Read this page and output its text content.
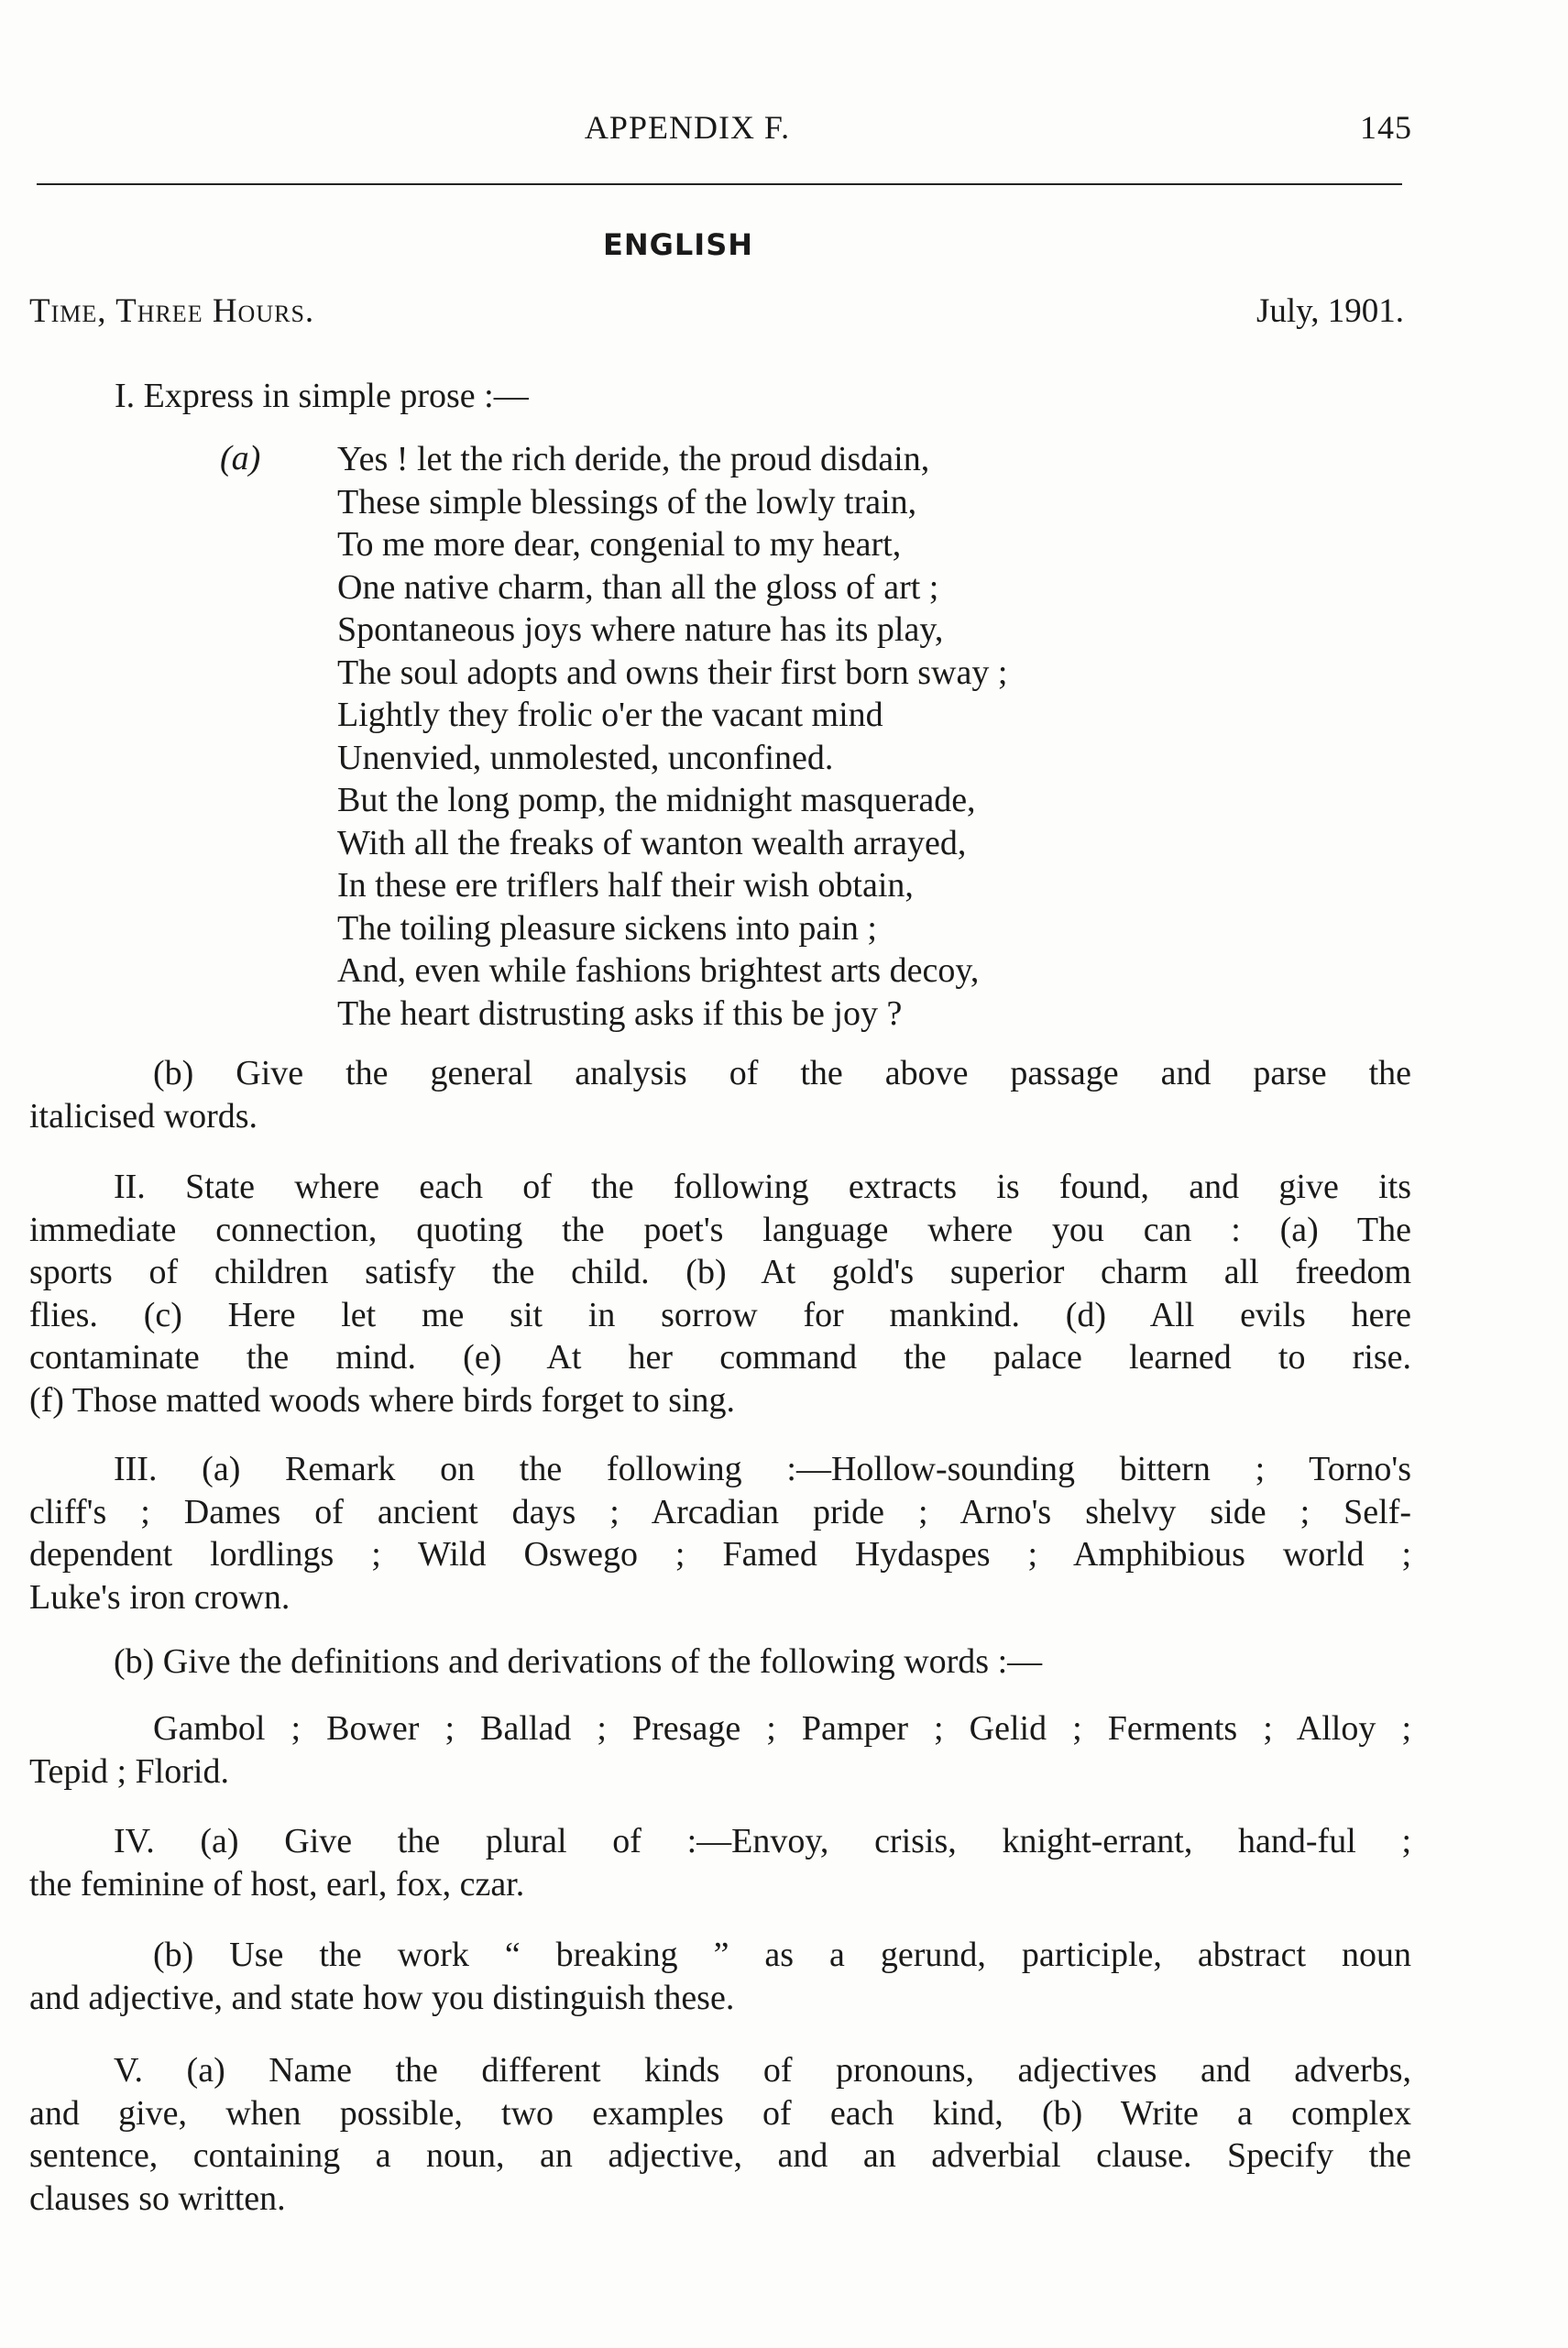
APPENDIX F.	145
ENGLISH
Time, Three Hours.	July, 1901.
I. Express in simple prose :—
(a) Yes ! let the rich deride, the proud disdain,
These simple blessings of the lowly train,
To me more dear, congenial to my heart,
One native charm, than all the gloss of art ;
Spontaneous joys where nature has its play,
The soul adopts and owns their first born sway ;
Lightly they frolic o'er the vacant mind
Unenvied, unmolested, unconfined.
But the long pomp, the midnight masquerade,
With all the freaks of wanton wealth arrayed,
In these ere triflers half their wish obtain,
The toiling pleasure sickens into pain ;
And, even while fashions brightest arts decoy,
The heart distrusting asks if this be joy ?
(b) Give the general analysis of the above passage and parse the
italicised words.
II. State where each of the following extracts is found, and give its
immediate connection, quoting the poet's language where you can : (a) The
sports of children satisfy the child. (b) At gold's superior charm all freedom
flies. (c) Here let me sit in sorrow for mankind. (d) All evils here
contaminate the mind. (e) At her command the palace learned to rise.
(f) Those matted woods where birds forget to sing.
III. (a) Remark on the following :—Hollow-sounding bittern ; Torno's
cliff's ; Dames of ancient days ; Arcadian pride ; Arno's shelvy side ; Self-
dependent lordlings ; Wild Oswego ; Famed Hydaspes ; Amphibious world ;
Luke's iron crown.
(b) Give the definitions and derivations of the following words :—
Gambol ; Bower ; Ballad ; Presage ; Pamper ; Gelid ; Ferments ; Alloy ;
Tepid ; Florid.
IV. (a) Give the plural of :—Envoy, crisis, knight-errant, hand-ful ;
the feminine of host, earl, fox, czar.
(b) Use the work “ breaking ” as a gerund, participle, abstract noun
and adjective, and state how you distinguish these.
V. (a) Name the different kinds of pronouns, adjectives and adverbs,
and give, when possible, two examples of each kind, (b) Write a complex
sentence, containing a noun, an adjective, and an adverbial clause. Specify the
clauses so written.
